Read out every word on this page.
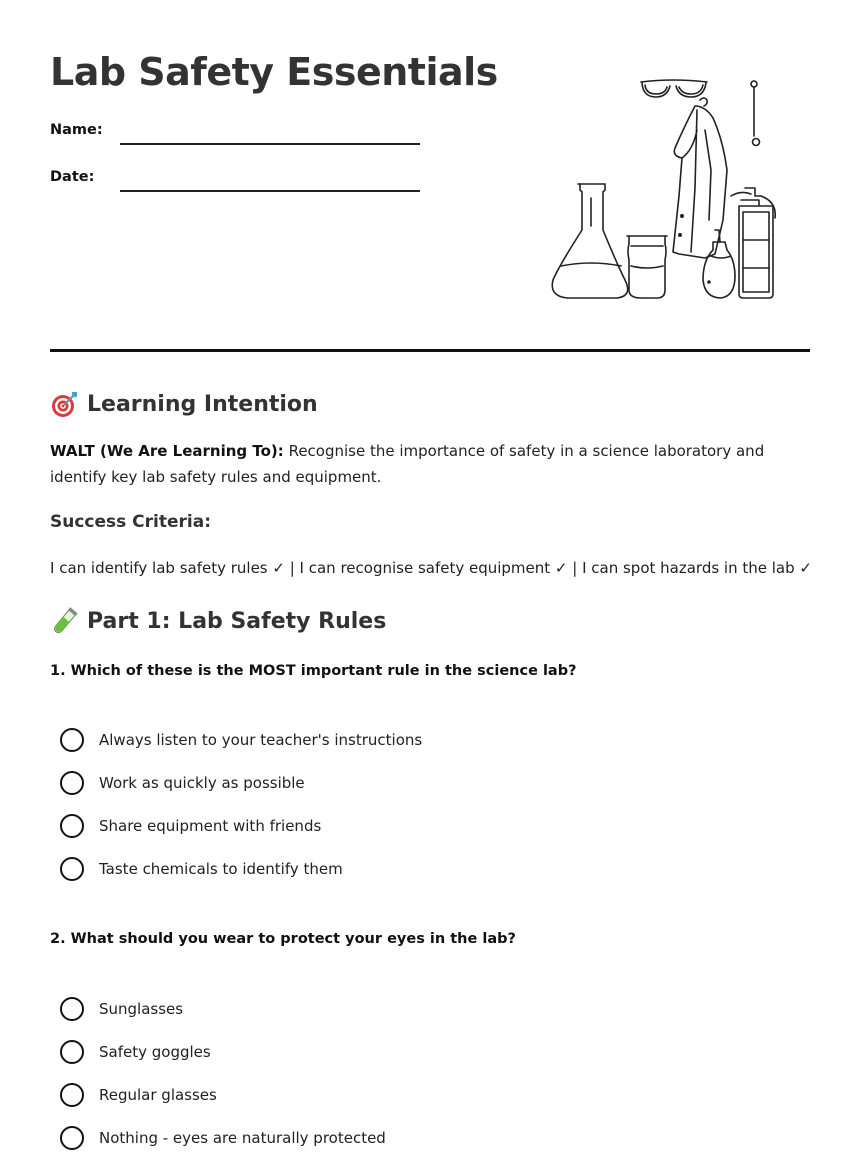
Lab Safety Essentials
Name:
Date:
Learning Intention
WALT (We Are Learning To): Recognise the importance of safety in a science laboratory and identify key lab safety rules and equipment.
Success Criteria:
I can identify lab safety rules ✓ | I can recognise safety equipment ✓ | I can spot hazards in the lab ✓
Part 1: Lab Safety Rules
1. Which of these is the MOST important rule in the science lab?
Always listen to your teacher's instructions
Work as quickly as possible
Share equipment with friends
Taste chemicals to identify them
2. What should you wear to protect your eyes in the lab?
Sunglasses
Safety goggles
Regular glasses
Nothing - eyes are naturally protected
